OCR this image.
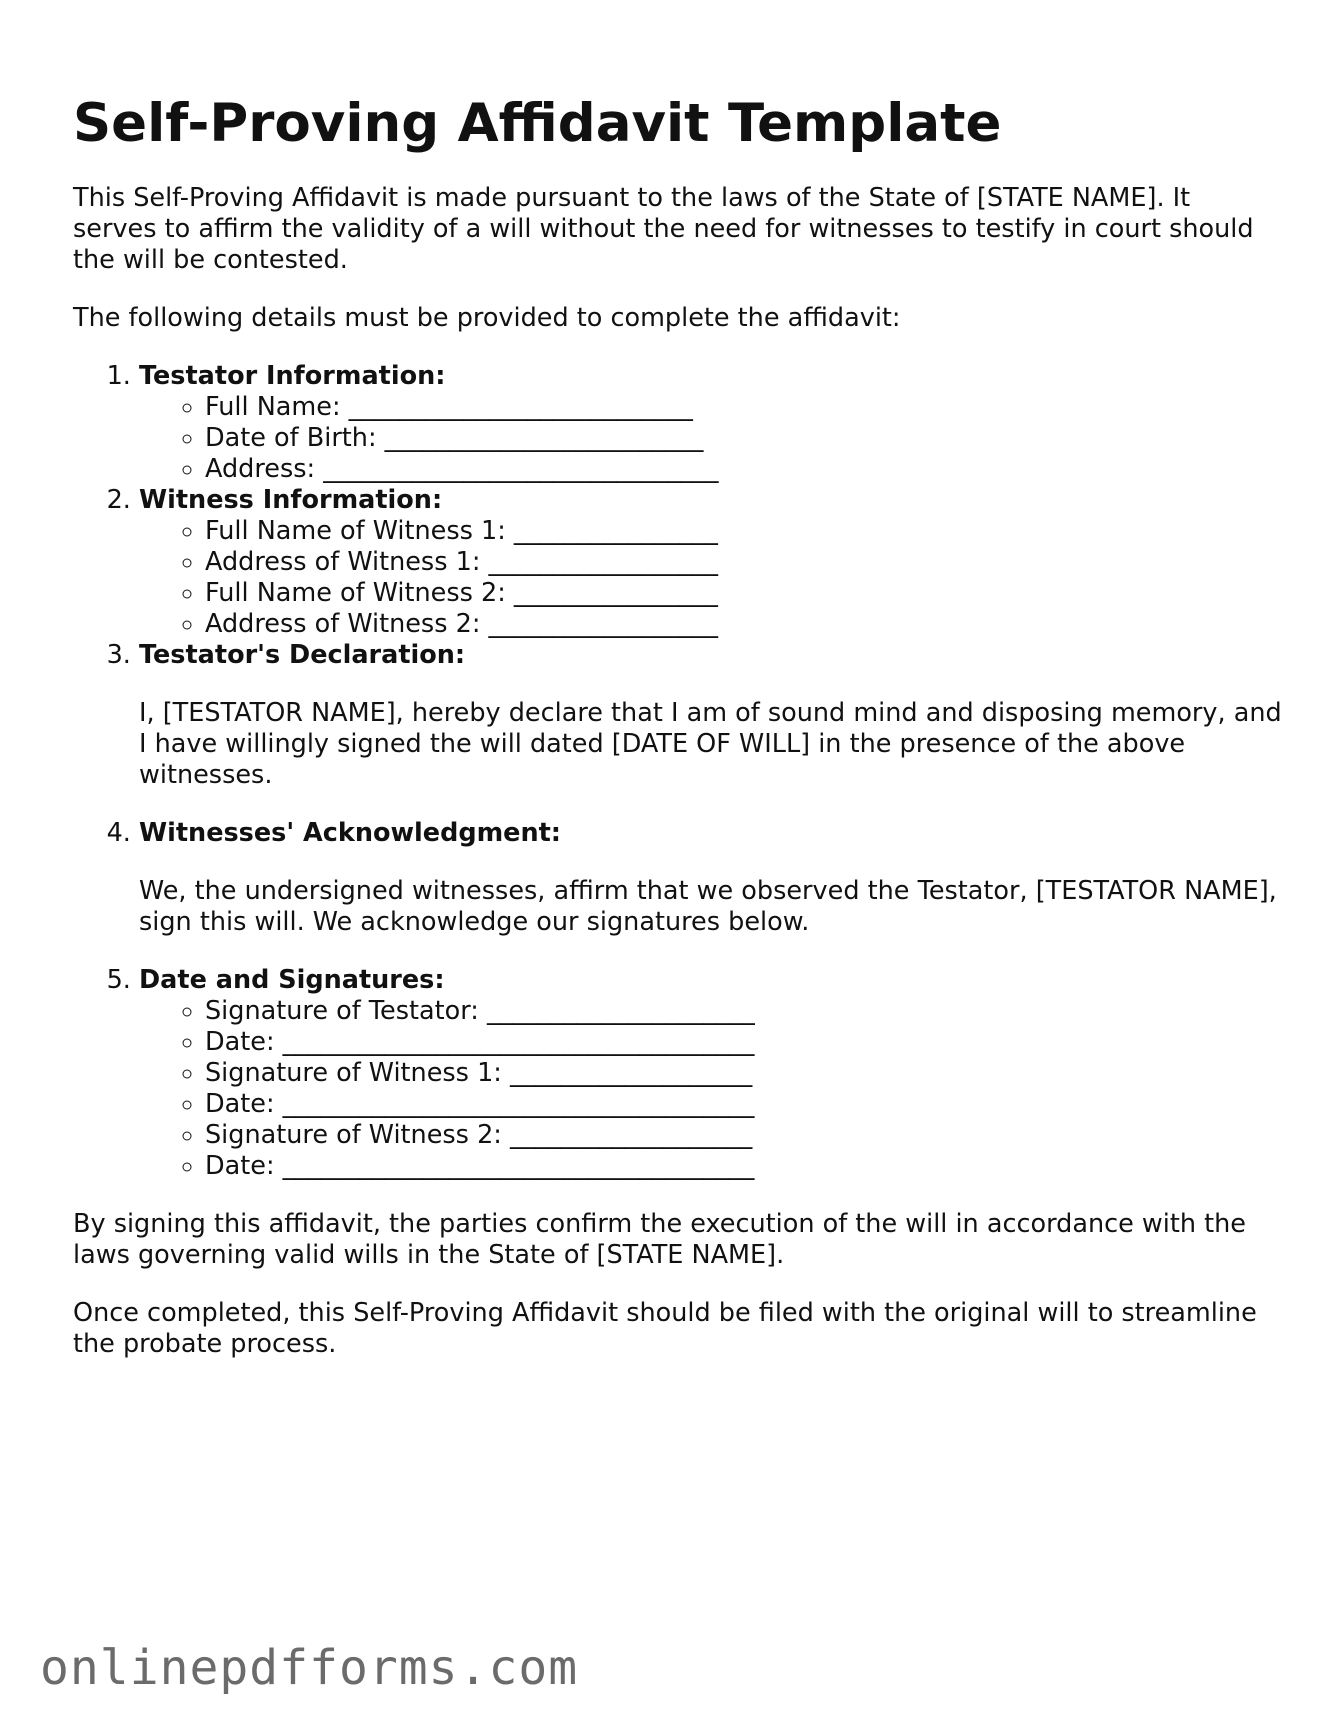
Self-Proving Affidavit Template

This Self-Proving Affidavit is made pursuant to the laws of the State of [STATE NAME]. It serves to affirm the validity of a will without the need for witnesses to testify in court should the will be contested.

The following details must be provided to complete the affidavit:

1. Testator Information:
◦ Full Name: ___________________________
◦ Date of Birth: _________________________
◦ Address: _______________________________
2. Witness Information:
◦ Full Name of Witness 1: ________________
◦ Address of Witness 1: __________________
◦ Full Name of Witness 2: ________________
◦ Address of Witness 2: __________________
3. Testator's Declaration:

I, [TESTATOR NAME], hereby declare that I am of sound mind and disposing memory, and I have willingly signed the will dated [DATE OF WILL] in the presence of the above witnesses.

4. Witnesses' Acknowledgment:

We, the undersigned witnesses, affirm that we observed the Testator, [TESTATOR NAME], sign this will. We acknowledge our signatures below.

5. Date and Signatures:
◦ Signature of Testator: _____________________
◦ Date: _____________________________________
◦ Signature of Witness 1: ___________________
◦ Date: _____________________________________
◦ Signature of Witness 2: ___________________
◦ Date: _____________________________________

By signing this affidavit, the parties confirm the execution of the will in accordance with the laws governing valid wills in the State of [STATE NAME].

Once completed, this Self-Proving Affidavit should be filed with the original will to streamline the probate process.

onlinepdfforms.com
